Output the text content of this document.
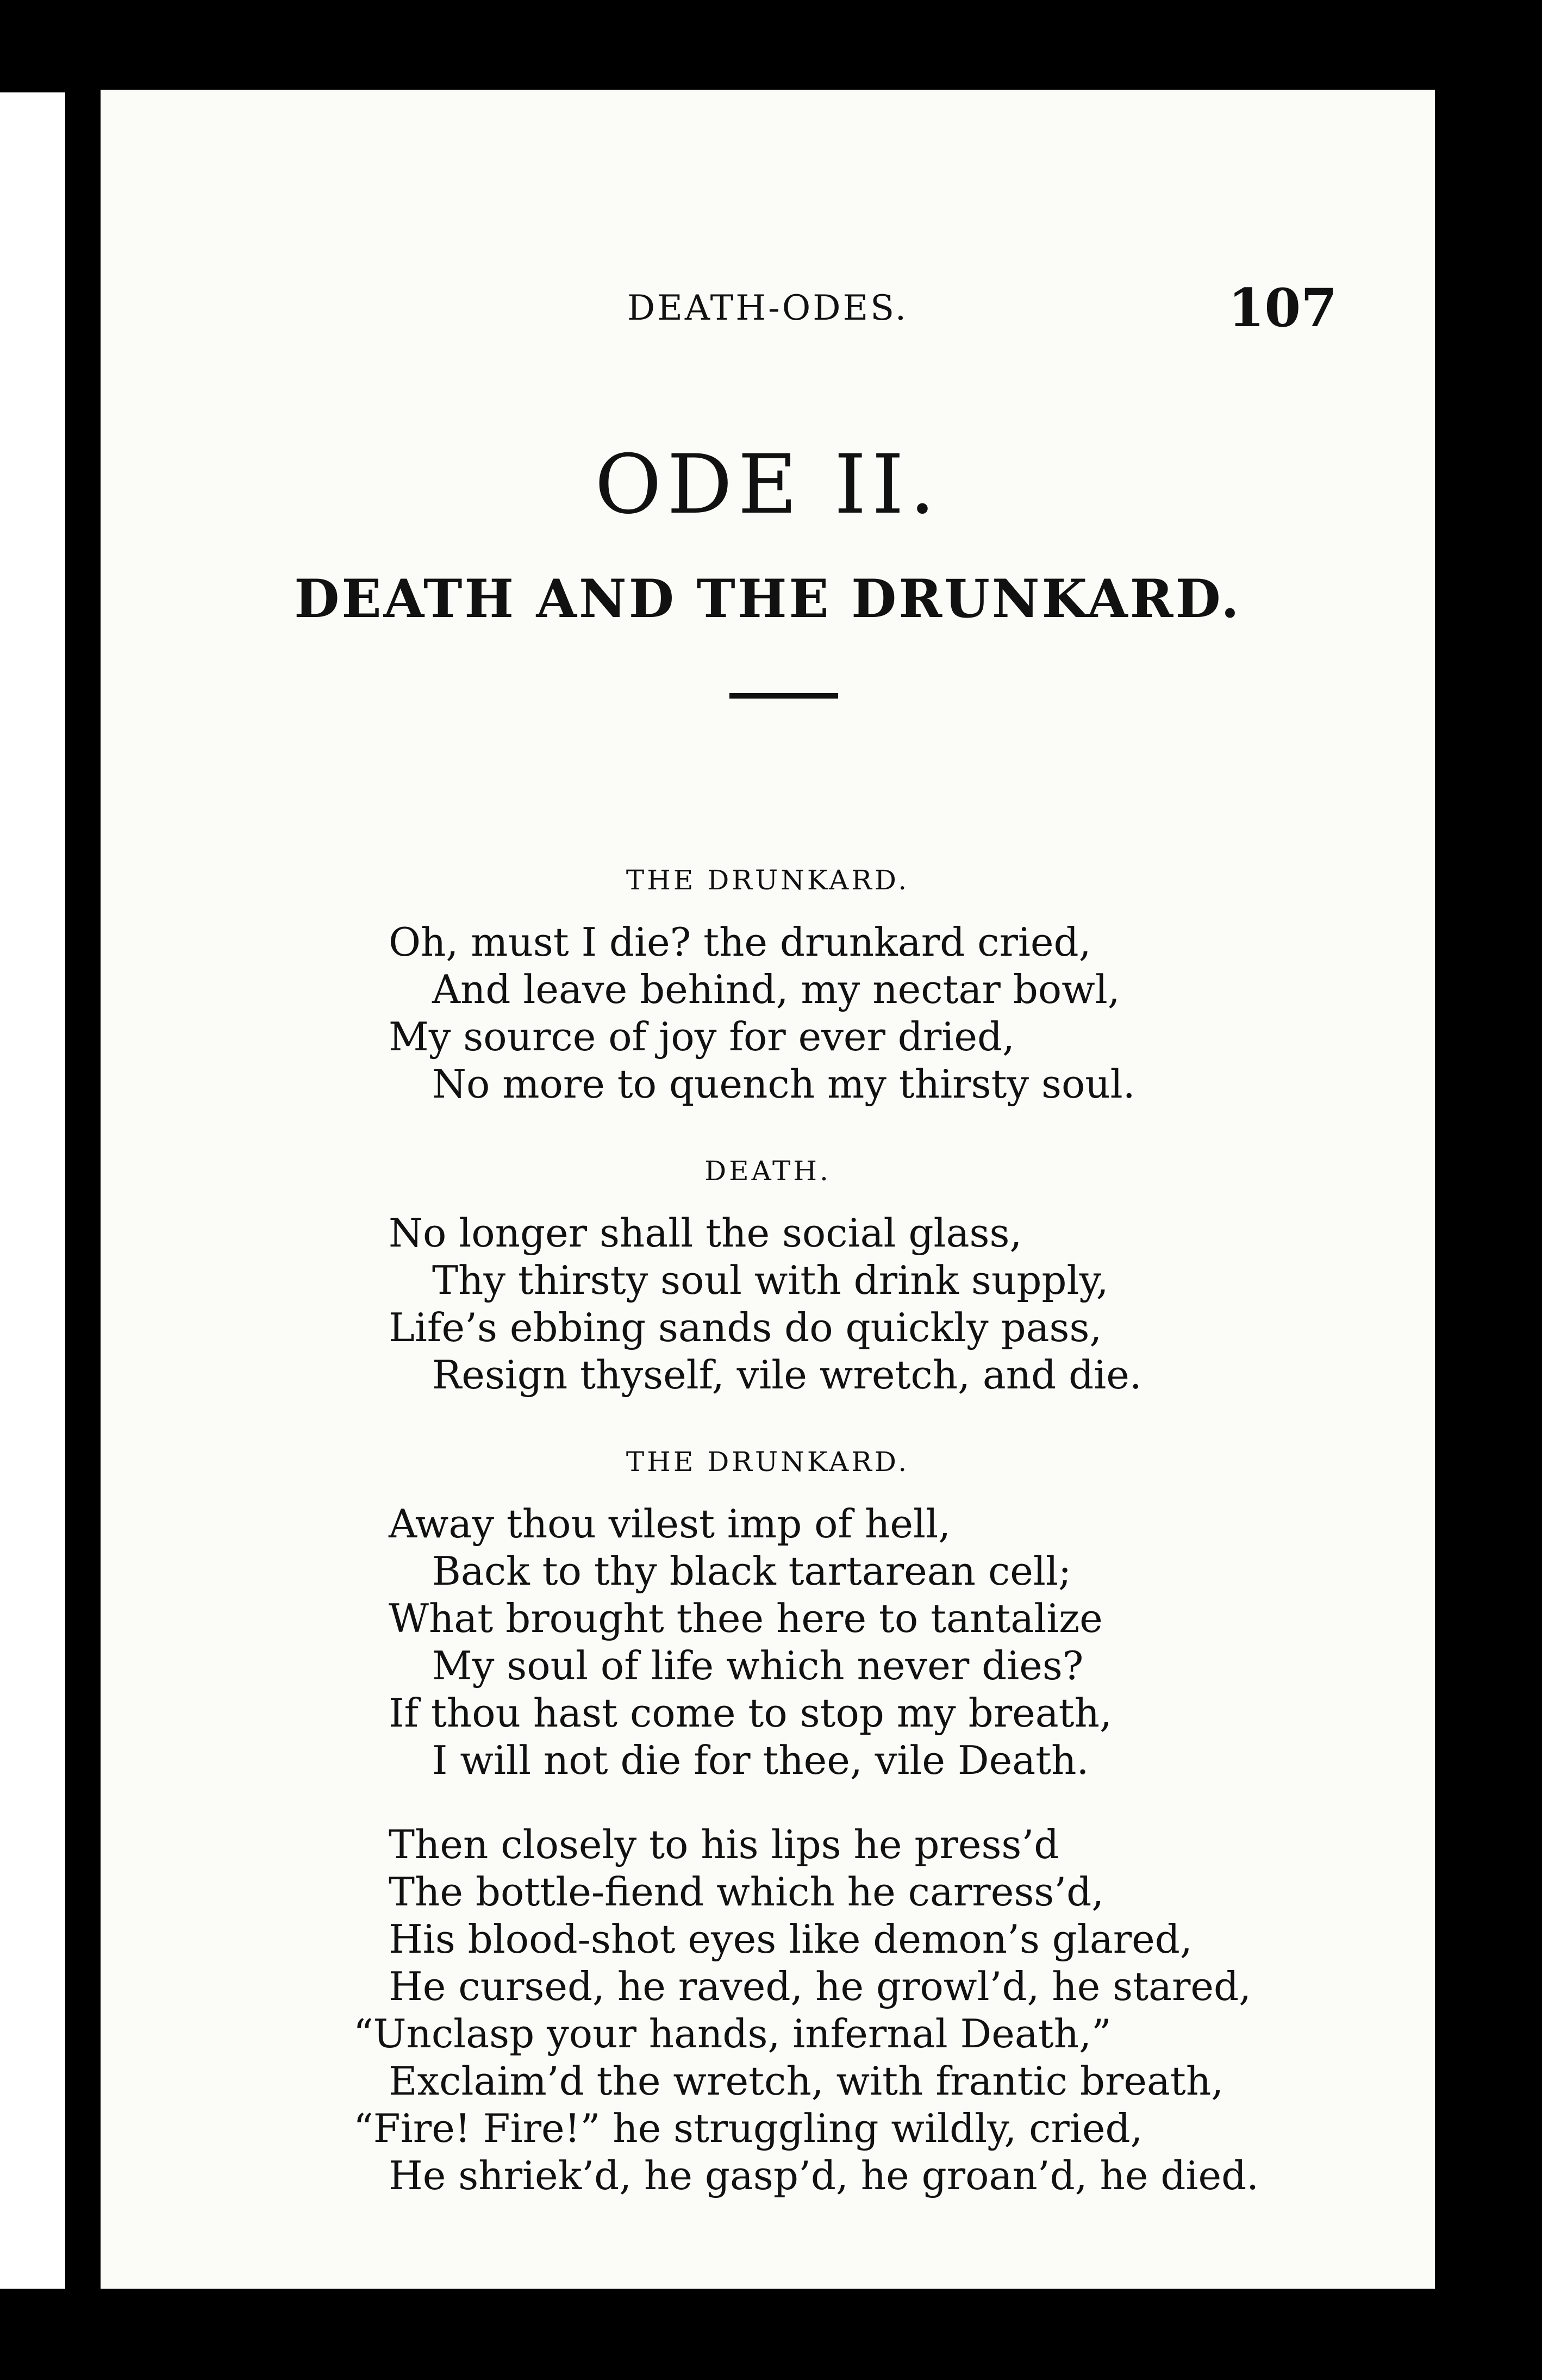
DEATH-ODES.	107
ODE II.
DEATH AND THE DRUNKARD.
THE DRUNKARD.
Oh, must I die? the drunkard cried,
And leave behind, my nectar bowl,
My source of joy for ever dried,
No more to quench my thirsty soul.
DEATH.
No longer shall the social glass,
Thy thirsty soul with drink supply,
Life’s ebbing sands do quickly pass,
Resign thyself, vile wretch, and die.
THE DRUNKARD.
Away thou vilest imp of hell,
Back to thy black tartarean cell;
What brought thee here to tantalize
My soul of life which never dies?
If thou hast come to stop my breath,
I will not die for thee, vile Death.
Then closely to his lips he press’d
The bottle-fiend which he carress’d,
His blood-shot eyes like demon’s glared,
He cursed, he raved, he growl’d, he stared,
“Unclasp your hands, infernal Death,”
Exclaim’d the wretch, with frantic breath,
“Fire! Fire!” he struggling wildly, cried,
He shriek’d, he gasp’d, he groan’d, he died.
